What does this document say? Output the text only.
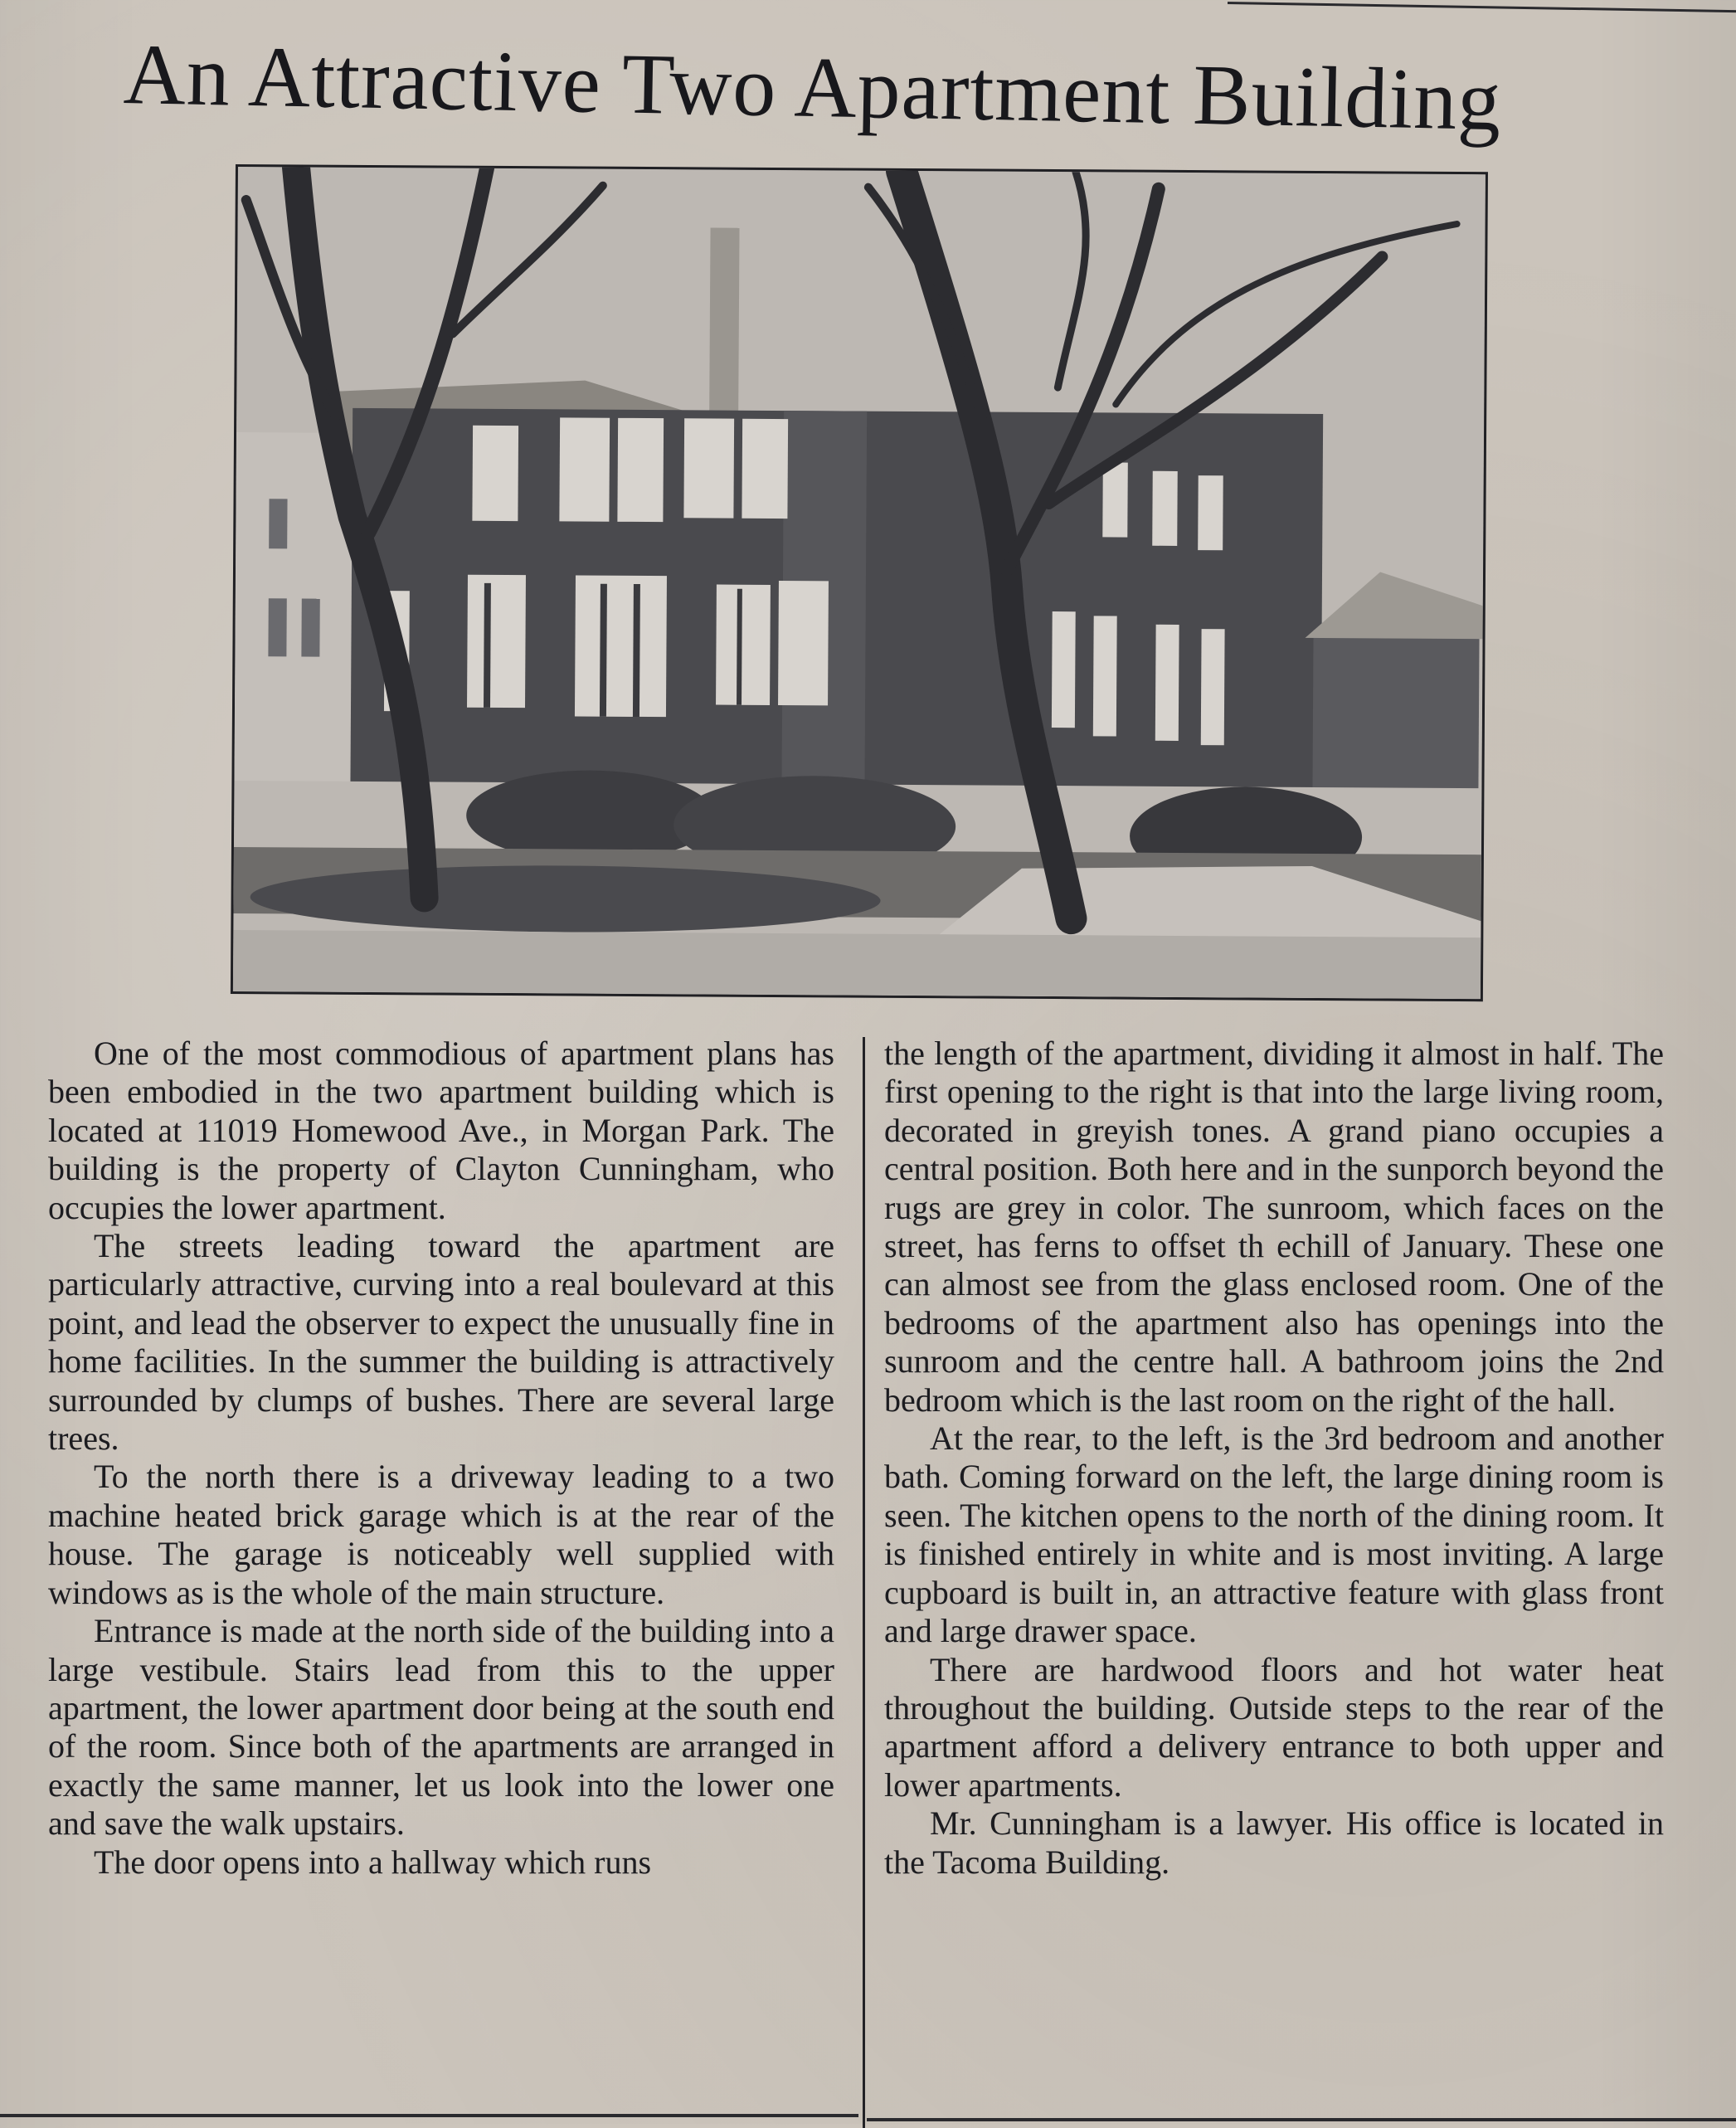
An Attractive Two Apartment Building

One of the most commodious of apartment plans has been embodied in the two apartment building which is located at 11019 Homewood Ave., in Morgan Park. The building is the property of Clayton Cunningham, who occupies the lower apartment.

The streets leading toward the apartment are particularly attractive, curving into a real boulevard at this point, and lead the observer to expect the unusually fine in home facilities. In the summer the building is attractively surrounded by clumps of bushes. There are several large trees.

To the north there is a driveway leading to a two machine heated brick garage which is at the rear of the house. The garage is noticeably well supplied with windows as is the whole of the main structure.

Entrance is made at the north side of the building into a large vestibule. Stairs lead from this to the upper apartment, the lower apartment door being at the south end of the room. Since both of the apartments are arranged in exactly the same manner, let us look into the lower one and save the walk upstairs.

The door opens into a hallway which runs

the length of the apartment, dividing it almost in half. The first opening to the right is that into the large living room, decorated in greyish tones. A grand piano occupies a central position. Both here and in the sunporch beyond the rugs are grey in color. The sunroom, which faces on the street, has ferns to offset th echill of January. These one can almost see from the glass enclosed room. One of the bedrooms of the apartment also has openings into the sunroom and the centre hall. A bathroom joins the 2nd bedroom which is the last room on the right of the hall.

At the rear, to the left, is the 3rd bedroom and another bath. Coming forward on the left, the large dining room is seen. The kitchen opens to the north of the dining room. It is finished entirely in white and is most inviting. A large cupboard is built in, an attractive feature with glass front and large drawer space.

There are hardwood floors and hot water heat throughout the building. Outside steps to the rear of the apartment afford a delivery entrance to both upper and lower apartments.

Mr. Cunningham is a lawyer. His office is located in the Tacoma Building.
